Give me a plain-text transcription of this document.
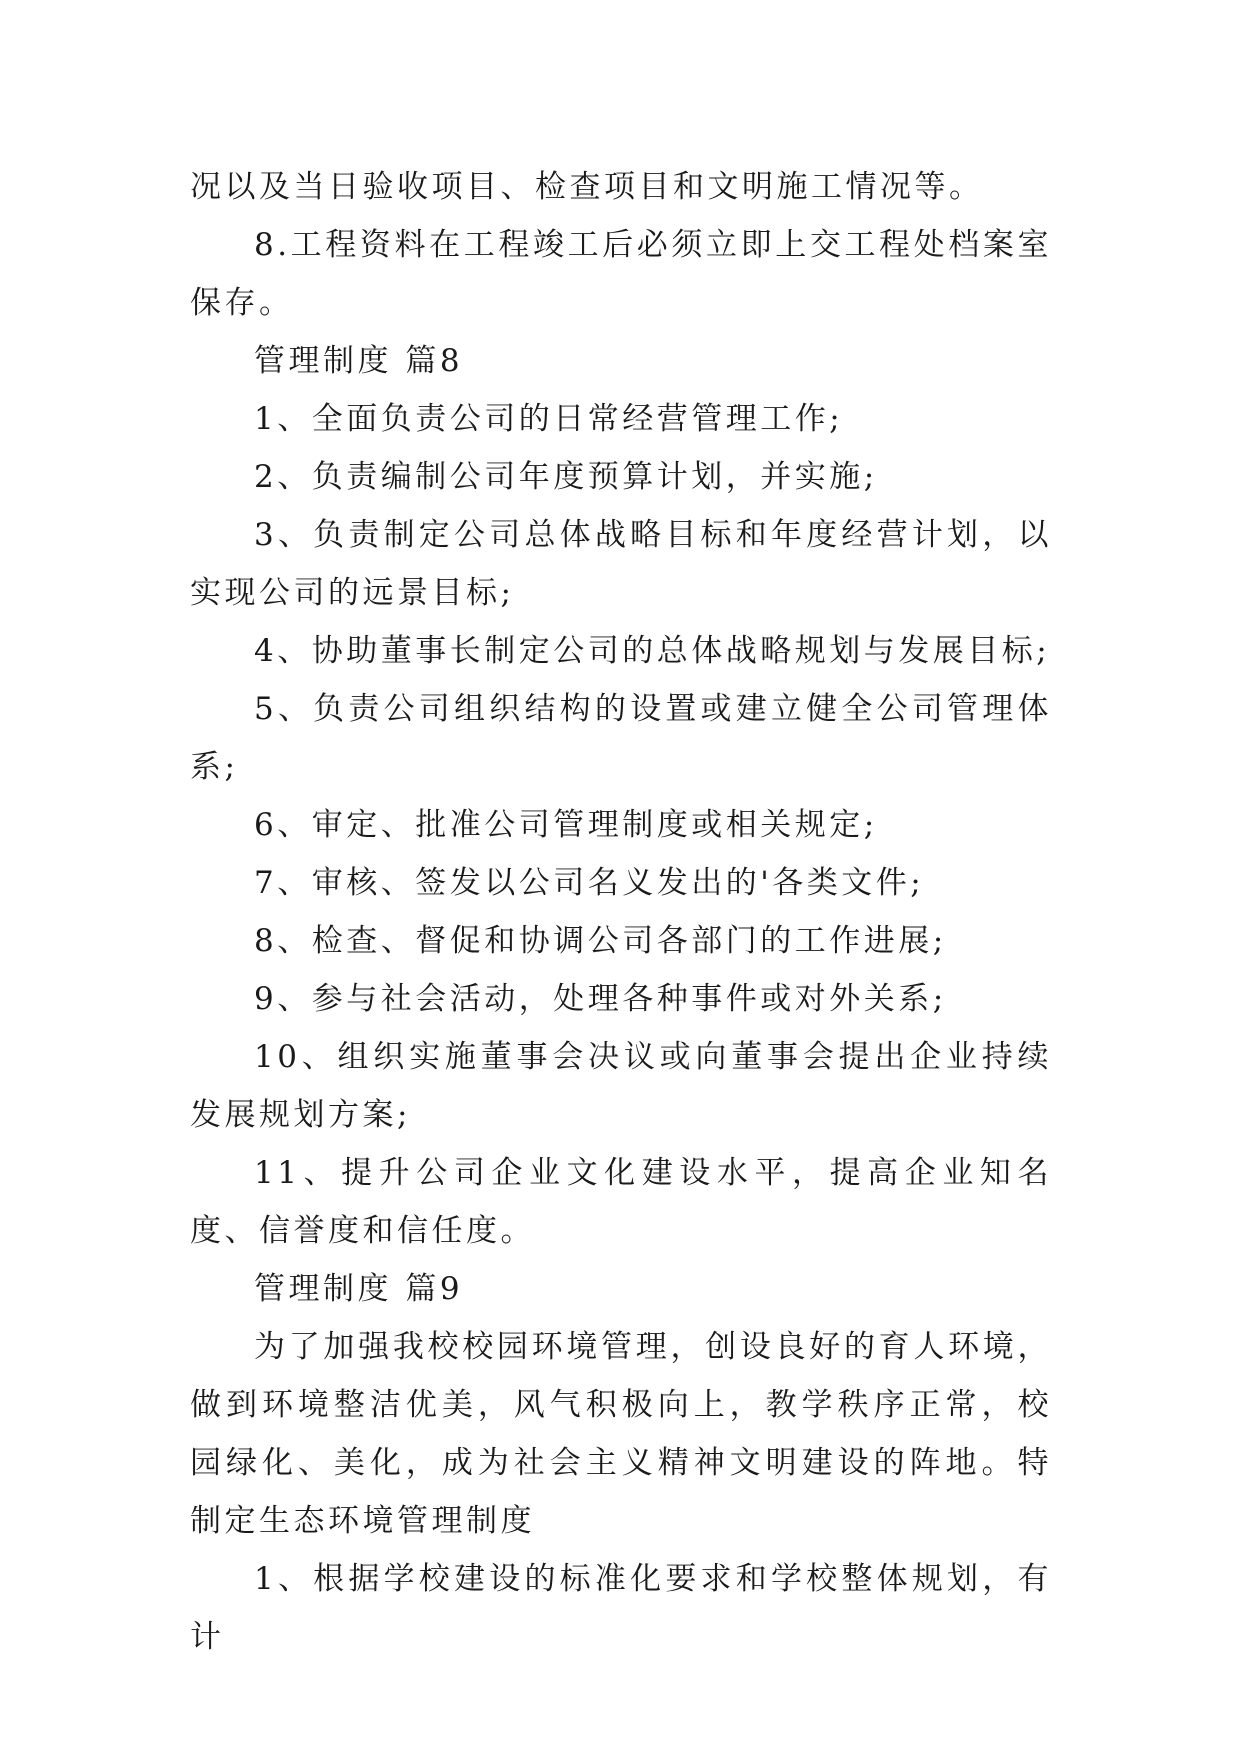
况以及当日验收项目、检查项目和文明施工情况等。

8.工程资料在工程竣工后必须立即上交工程处档案室保存。

管理制度 篇8

1、全面负责公司的日常经营管理工作;

2、负责编制公司年度预算计划，并实施;

3、负责制定公司总体战略目标和年度经营计划，以实现公司的远景目标;

4、协助董事长制定公司的总体战略规划与发展目标;

5、负责公司组织结构的设置或建立健全公司管理体系;

6、审定、批准公司管理制度或相关规定;

7、审核、签发以公司名义发出的'各类文件;

8、检查、督促和协调公司各部门的工作进展;

9、参与社会活动，处理各种事件或对外关系;

10、组织实施董事会决议或向董事会提出企业持续发展规划方案;

11、提升公司企业文化建设水平，提高企业知名度、信誉度和信任度。

管理制度 篇9

为了加强我校校园环境管理，创设良好的育人环境，做到环境整洁优美，风气积极向上，教学秩序正常，校园绿化、美化，成为社会主义精神文明建设的阵地。特制定生态环境管理制度

1、根据学校建设的标准化要求和学校整体规划，有计
